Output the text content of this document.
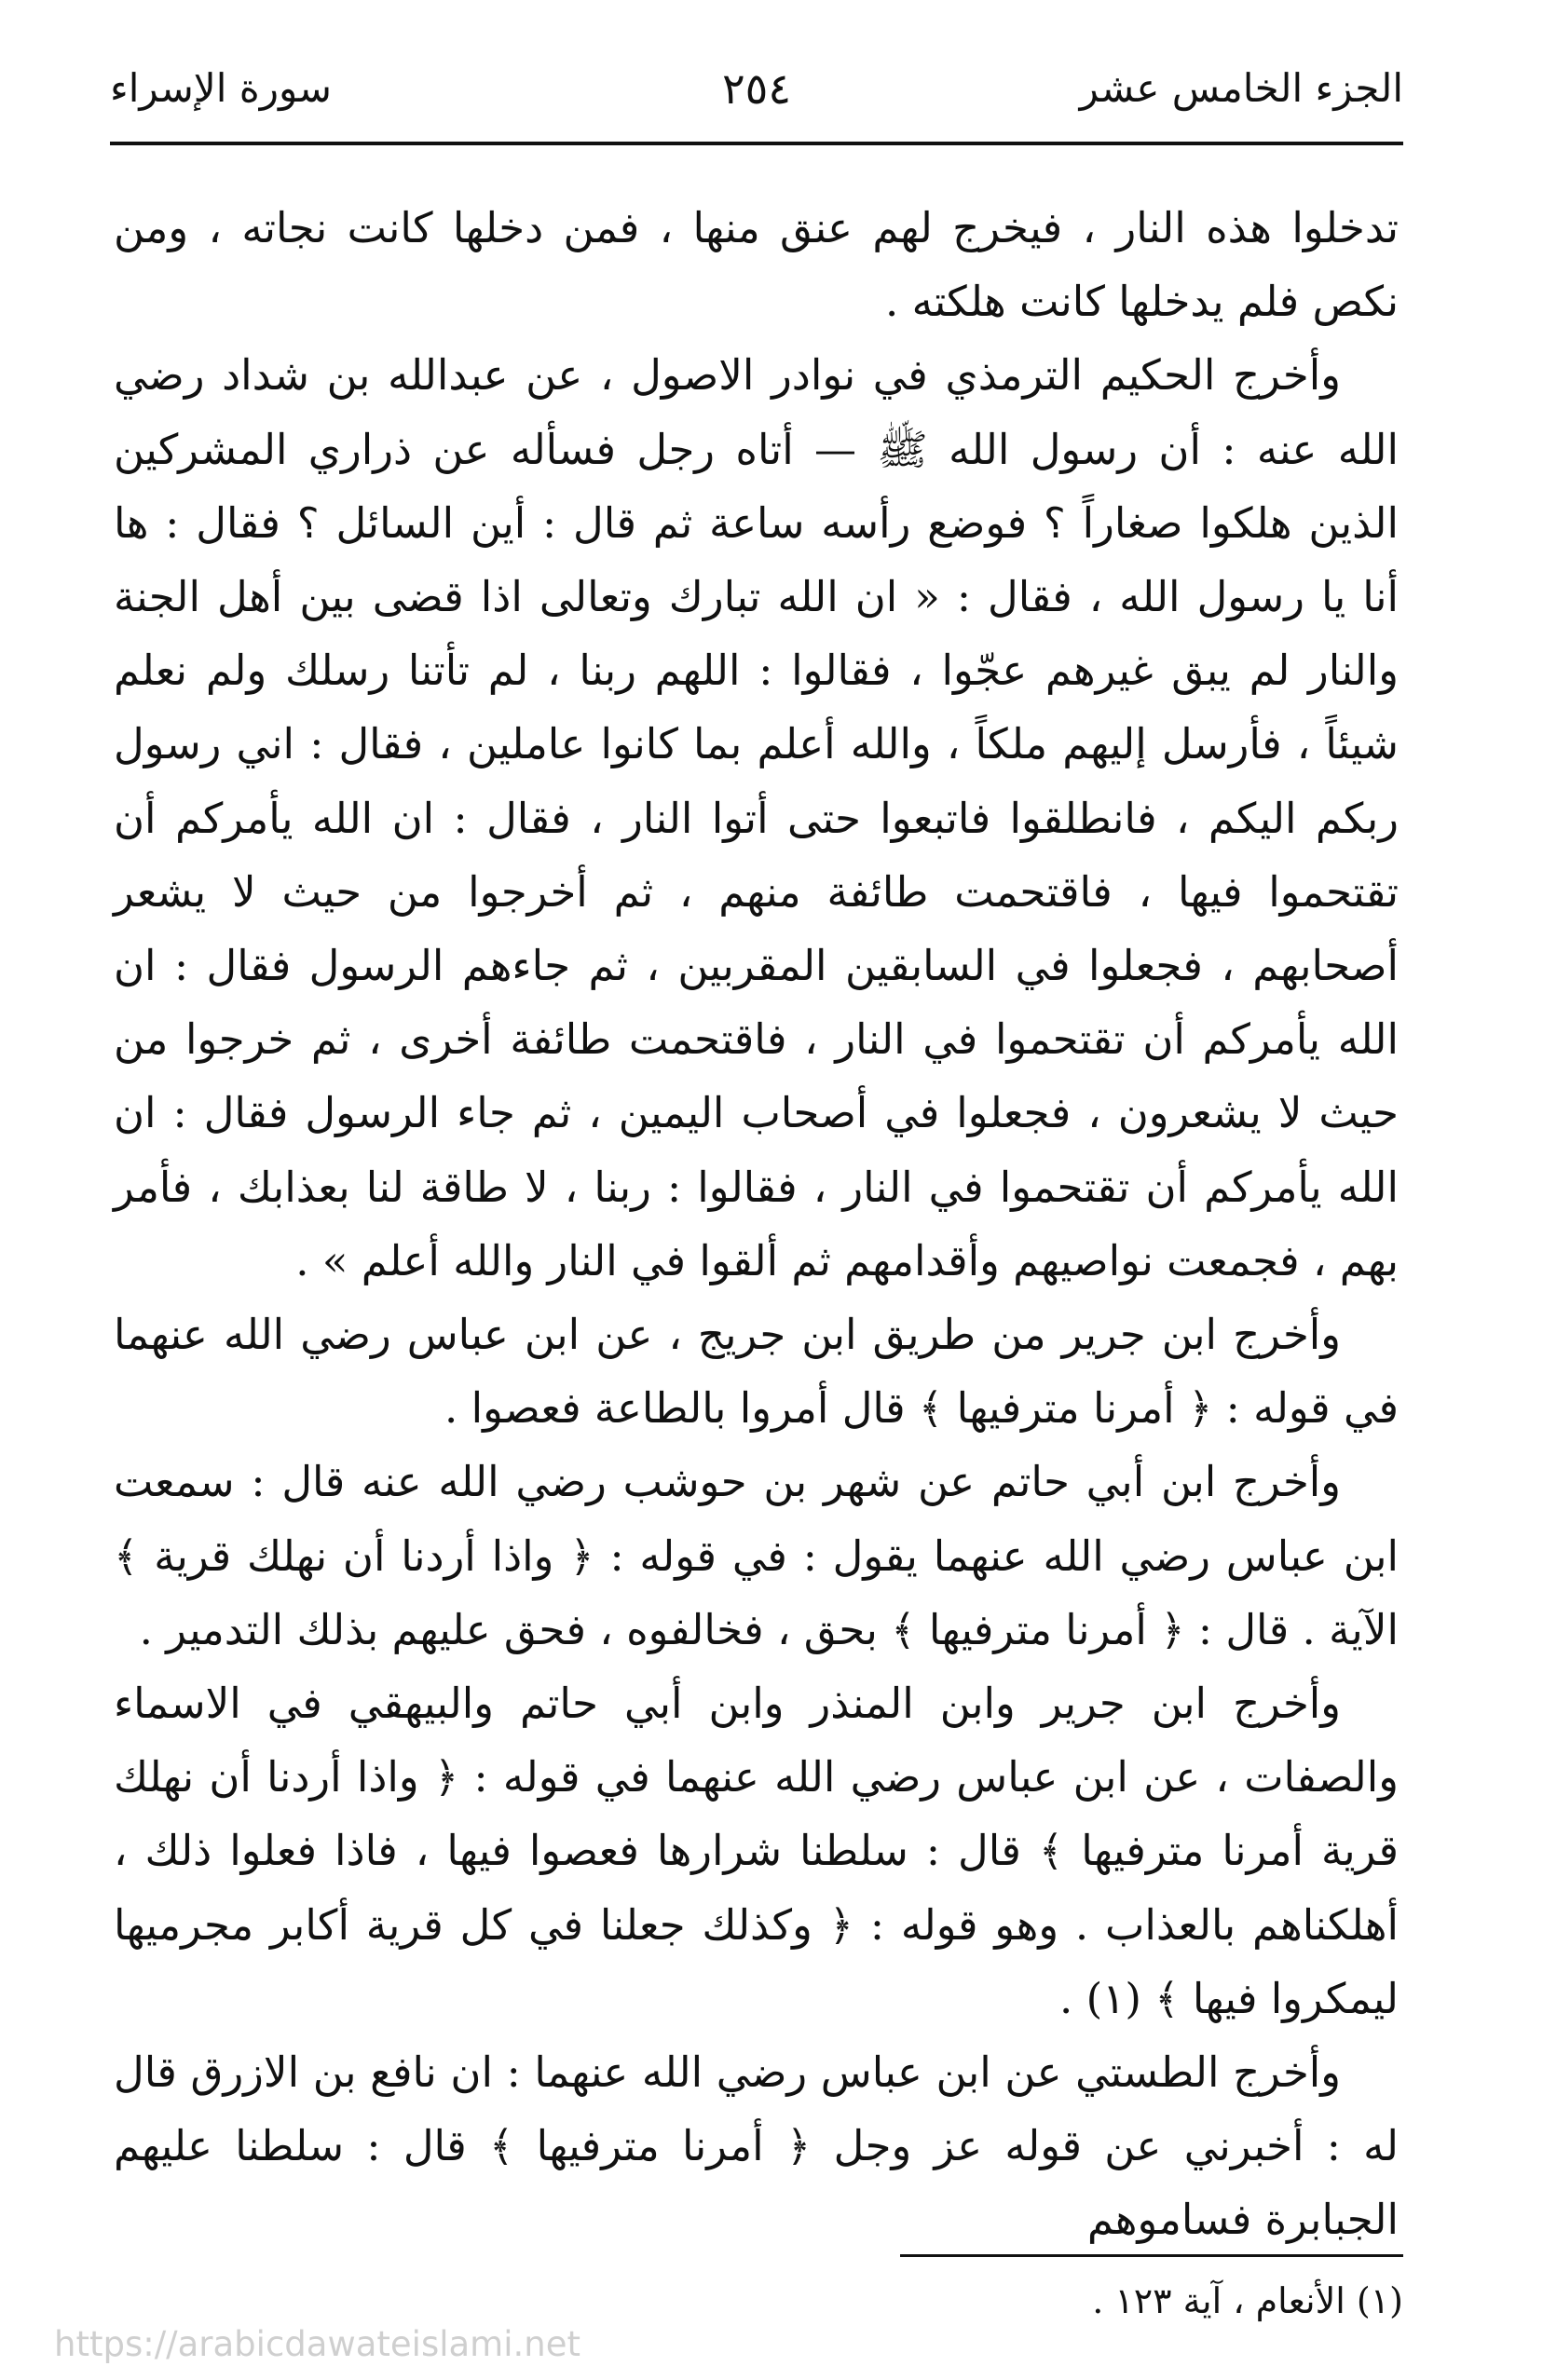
الجزء الخامس عشر
٢٥٤
سورة الإسراء

تدخلوا هذه النار ، فيخرج لهم عنق منها ، فمن دخلها كانت نجاته ، ومن نكص فلم يدخلها كانت هلكته .

وأخرج الحكيم الترمذي في نوادر الاصول ، عن عبدالله بن شداد رضي الله عنه : أن رسول الله ﷺ — أتاه رجل فسأله عن ذراري المشركين الذين هلكوا صغاراً ؟ فوضع رأسه ساعة ثم قال : أين السائل ؟ فقال : ها أنا يا رسول الله ، فقال : « ان الله تبارك وتعالى اذا قضى بين أهل الجنة والنار لم يبق غيرهم عجّوا ، فقالوا : اللهم ربنا ، لم تأتنا رسلك ولم نعلم شيئاً ، فأرسل إليهم ملكاً ، والله أعلم بما كانوا عاملين ، فقال : اني رسول ربكم اليكم ، فانطلقوا فاتبعوا حتى أتوا النار ، فقال : ان الله يأمركم أن تقتحموا فيها ، فاقتحمت طائفة منهم ، ثم أخرجوا من حيث لا يشعر أصحابهم ، فجعلوا في السابقين المقربين ، ثم جاءهم الرسول فقال : ان الله يأمركم أن تقتحموا في النار ، فاقتحمت طائفة أخرى ، ثم خرجوا من حيث لا يشعرون ، فجعلوا في أصحاب اليمين ، ثم جاء الرسول فقال : ان الله يأمركم أن تقتحموا في النار ، فقالوا : ربنا ، لا طاقة لنا بعذابك ، فأمر بهم ، فجمعت نواصيهم وأقدامهم ثم ألقوا في النار والله أعلم » .

وأخرج ابن جرير من طريق ابن جريج ، عن ابن عباس رضي الله عنهما في قوله : ﴿ أمرنا مترفيها ﴾ قال أمروا بالطاعة فعصوا .

وأخرج ابن أبي حاتم عن شهر بن حوشب رضي الله عنه قال : سمعت ابن عباس رضي الله عنهما يقول : في قوله : ﴿ واذا أردنا أن نهلك قرية ﴾ الآية . قال : ﴿ أمرنا مترفيها ﴾ بحق ، فخالفوه ، فحق عليهم بذلك التدمير .

وأخرج ابن جرير وابن المنذر وابن أبي حاتم والبيهقي في الاسماء والصفات ، عن ابن عباس رضي الله عنهما في قوله : ﴿ واذا أردنا أن نهلك قرية أمرنا مترفيها ﴾ قال : سلطنا شرارها فعصوا فيها ، فاذا فعلوا ذلك ، أهلكناهم بالعذاب . وهو قوله : ﴿ وكذلك جعلنا في كل قرية أكابر مجرميها ليمكروا فيها ﴾ (١) .

وأخرج الطستي عن ابن عباس رضي الله عنهما : ان نافع بن الازرق قال له : أخبرني عن قوله عز وجل ﴿ أمرنا مترفيها ﴾ قال : سلطنا عليهم الجبابرة فساموهم

(١) الأنعام ، آية ١٢٣ .
https://arabicdawateislami.net
